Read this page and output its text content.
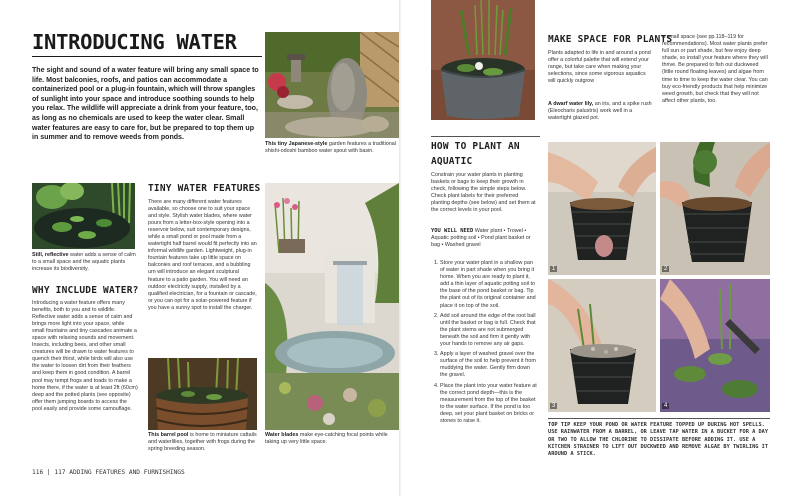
INTRODUCING WATER
The sight and sound of a water feature will bring any small space to life. Most balconies, roofs, and patios can accommodate a containerized pool or a plug-in fountain, which will throw spangles of sunlight into your space and introduce soothing sounds to help you relax. The wildlife will appreciate a drink from your feature, too, as long as no chemicals are used to keep the water clear. Small water features are easy to care for, but be prepared to top them up in summer and to remove weeds from ponds.
This tiny Japanese-style garden features a traditional shishi-odoshi bamboo water spout with basin.
Still, reflective water adds a sense of calm to a small space and the aquatic plants increase its biodiversity.
WHY INCLUDE WATER?
Introducing a water feature offers many benefits, both to you and to wildlife. Reflective water adds a sense of calm and brings more light into your space, while small fountains and tiny cascades animate a space with relaxing sounds and movement. Insects, including bees, and other small creatures will be drawn to water features to quench their thirst, while birds will also use the water to loosen dirt from their feathers and keep them in good condition. A barrel pool may tempt frogs and toads to make a home there, if the water is at least 2ft (60cm) deep and the potted plants (see opposite) offer them jumping boards to access the pool easily and provide some camouflage.
TINY WATER FEATURES
There are many different water features available, so choose one to suit your space and style. Stylish water blades, where water pours from a letter-box-style opening into a reservoir below, suit contemporary designs, while a small pond or pool made from a watertight half barrel would fit perfectly into an informal wildlife garden. Lightweight, plug-in fountain features take up little space on balconies and roof terraces, and a bubbling urn will introduce an elegant sculptural feature to a patio garden. You will need an outdoor electricity supply, installed by a qualified electrician, for a fountain or cascade, or you can opt for a solar-powered feature if you have a sunny spot to install the charger.
This barrel pool is home to miniature cattails and waterlilies, together with frogs during the spring breeding season.
Water blades make eye-catching focal points while taking up very little space.
116 | 117 ADDING FEATURES AND FURNISHINGS
MAKE SPACE FOR PLANTS
Plants adapted to life in and around a pond offer a colorful palette that will extend your range, but take care when making your selections, since some vigorous aquatics will quickly outgrow
a small space (see pp.118–119 for recommendations). Most water plants prefer full sun or part shade, but few enjoy deep shade, so install your feature where they will thrive. Be prepared to fish out duckweed (little round floating leaves) and algae from time to time to keep the water clear. You can buy eco-friendly products that help minimize weed growth, but check that they will not affect other plants, too.
A dwarf water lily, an iris, and a spike rush (Eleocharis palustris) work well in a watertight glazed pot.
HOW TO PLANT AN
AQUATIC
Constrain your water plants in planting baskets or bags to keep their growth in check, following the simple steps below. Check plant labels for their preferred planting depths (see below) and set them at the correct levels in your pool.
YOU WILL NEED Water plant • Trowel • Aquatic potting soil • Pond plant basket or bag • Washed gravel
1. Store your water plant in a shallow pan of water in part shade when you bring it home. When you are ready to plant it, add a thin layer of aquatic potting soil to the base of the pond basket or bag. Tip the plant out of its original container and place it on top of the soil.
2. Add soil around the edge of the root ball until the basket or bag is full. Check that the plant stems are not submerged beneath the soil and firm it gently with your hands to remove any air gaps.
3. Apply a layer of washed gravel over the surface of the soil to help prevent it from muddying the water. Gently firm down the gravel.
4. Place the plant into your water feature at the correct pond depth—this is the measurement from the top of the basket to the water surface. If the pond is too deep, set your plant basket on bricks or stones to raise it.
1	2
3	4
TOP TIP KEEP YOUR POND OR WATER FEATURE TOPPED UP DURING HOT SPELLS. USE RAINWATER FROM A BARREL, OR LEAVE TAP WATER IN A BUCKET FOR A DAY OR TWO TO ALLOW THE CHLORINE TO DISSIPATE BEFORE ADDING IT. USE A KITCHEN STRAINER TO LIFT OUT DUCKWEED AND REMOVE ALGAE BY TWIRLING IT AROUND A STICK.
